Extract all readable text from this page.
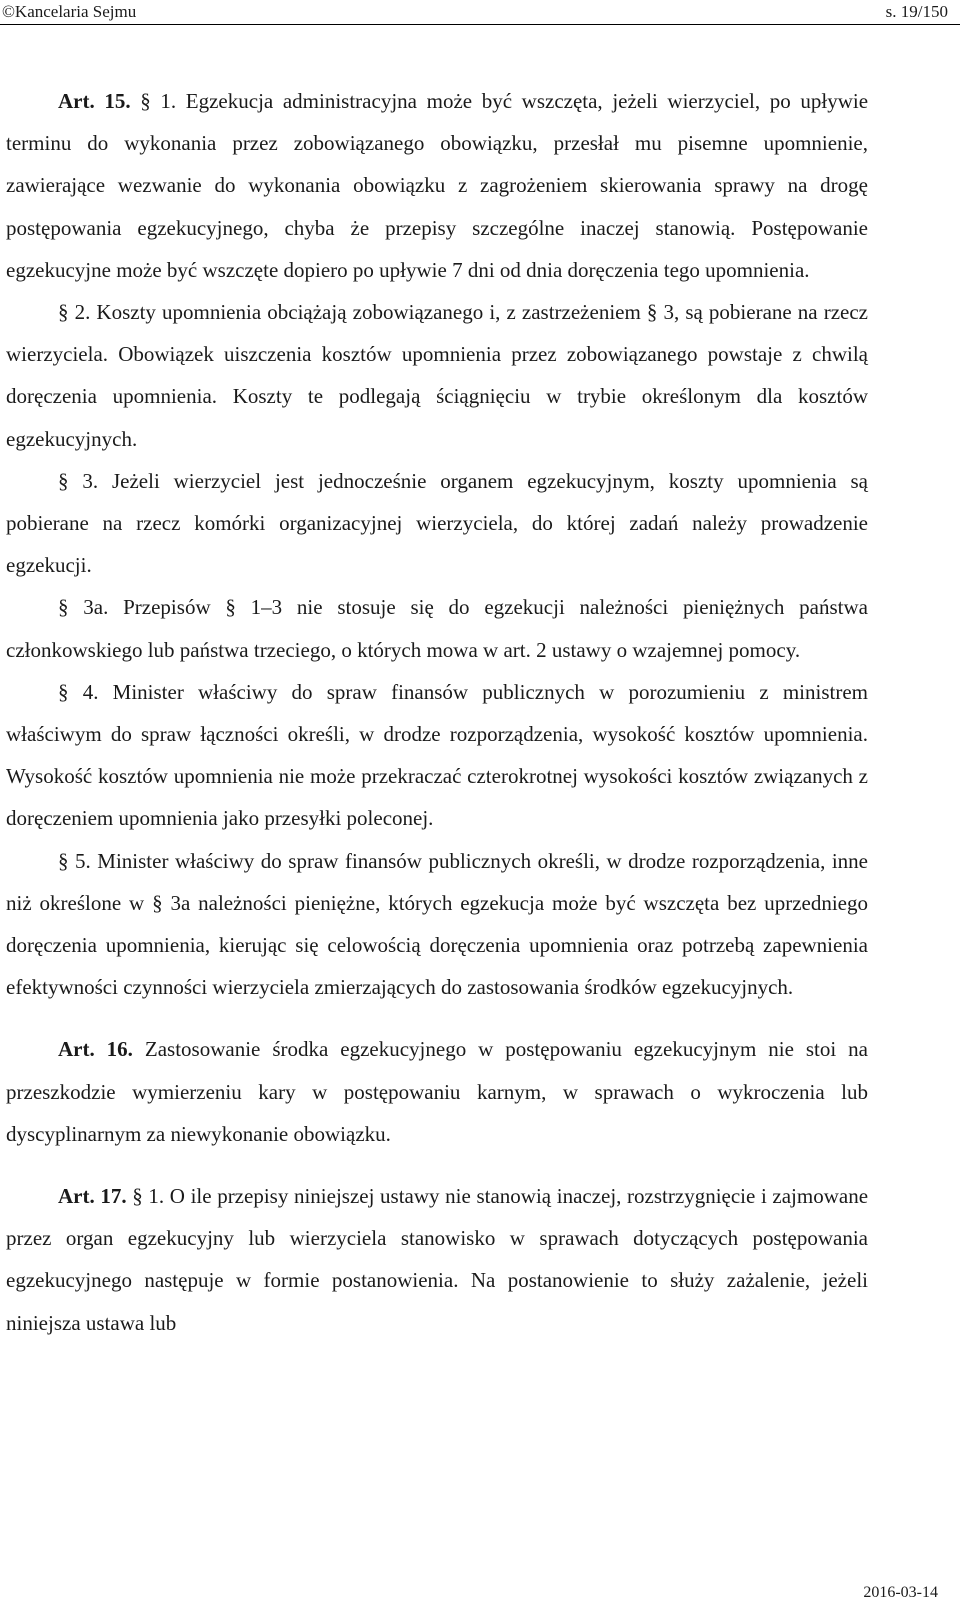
©Kancelaria Sejmu	s. 19/150

Art. 15. § 1. Egzekucja administracyjna może być wszczęta, jeżeli wierzyciel, po upływie terminu do wykonania przez zobowiązanego obowiązku, przesłał mu pisemne upomnienie, zawierające wezwanie do wykonania obowiązku z zagrożeniem skierowania sprawy na drogę postępowania egzekucyjnego, chyba że przepisy szczególne inaczej stanowią. Postępowanie egzekucyjne może być wszczęte dopiero po upływie 7 dni od dnia doręczenia tego upomnienia.

§ 2. Koszty upomnienia obciążają zobowiązanego i, z zastrzeżeniem § 3, są pobierane na rzecz wierzyciela. Obowiązek uiszczenia kosztów upomnienia przez zobowiązanego powstaje z chwilą doręczenia upomnienia. Koszty te podlegają ściągnięciu w trybie określonym dla kosztów egzekucyjnych.

§ 3. Jeżeli wierzyciel jest jednocześnie organem egzekucyjnym, koszty upomnienia są pobierane na rzecz komórki organizacyjnej wierzyciela, do której zadań należy prowadzenie egzekucji.

§ 3a. Przepisów § 1–3 nie stosuje się do egzekucji należności pieniężnych państwa członkowskiego lub państwa trzeciego, o których mowa w art. 2 ustawy o wzajemnej pomocy.

§ 4. Minister właściwy do spraw finansów publicznych w porozumieniu z ministrem właściwym do spraw łączności określi, w drodze rozporządzenia, wysokość kosztów upomnienia. Wysokość kosztów upomnienia nie może przekraczać czterokrotnej wysokości kosztów związanych z doręczeniem upomnienia jako przesyłki poleconej.

§ 5. Minister właściwy do spraw finansów publicznych określi, w drodze rozporządzenia, inne niż określone w § 3a należności pieniężne, których egzekucja może być wszczęta bez uprzedniego doręczenia upomnienia, kierując się celowością doręczenia upomnienia oraz potrzebą zapewnienia efektywności czynności wierzyciela zmierzających do zastosowania środków egzekucyjnych.

Art. 16. Zastosowanie środka egzekucyjnego w postępowaniu egzekucyjnym nie stoi na przeszkodzie wymierzeniu kary w postępowaniu karnym, w sprawach o wykroczenia lub dyscyplinarnym za niewykonanie obowiązku.

Art. 17. § 1. O ile przepisy niniejszej ustawy nie stanowią inaczej, rozstrzygnięcie i zajmowane przez organ egzekucyjny lub wierzyciela stanowisko w sprawach dotyczących postępowania egzekucyjnego następuje w formie postanowienia. Na postanowienie to służy zażalenie, jeżeli niniejsza ustawa lub

2016-03-14
